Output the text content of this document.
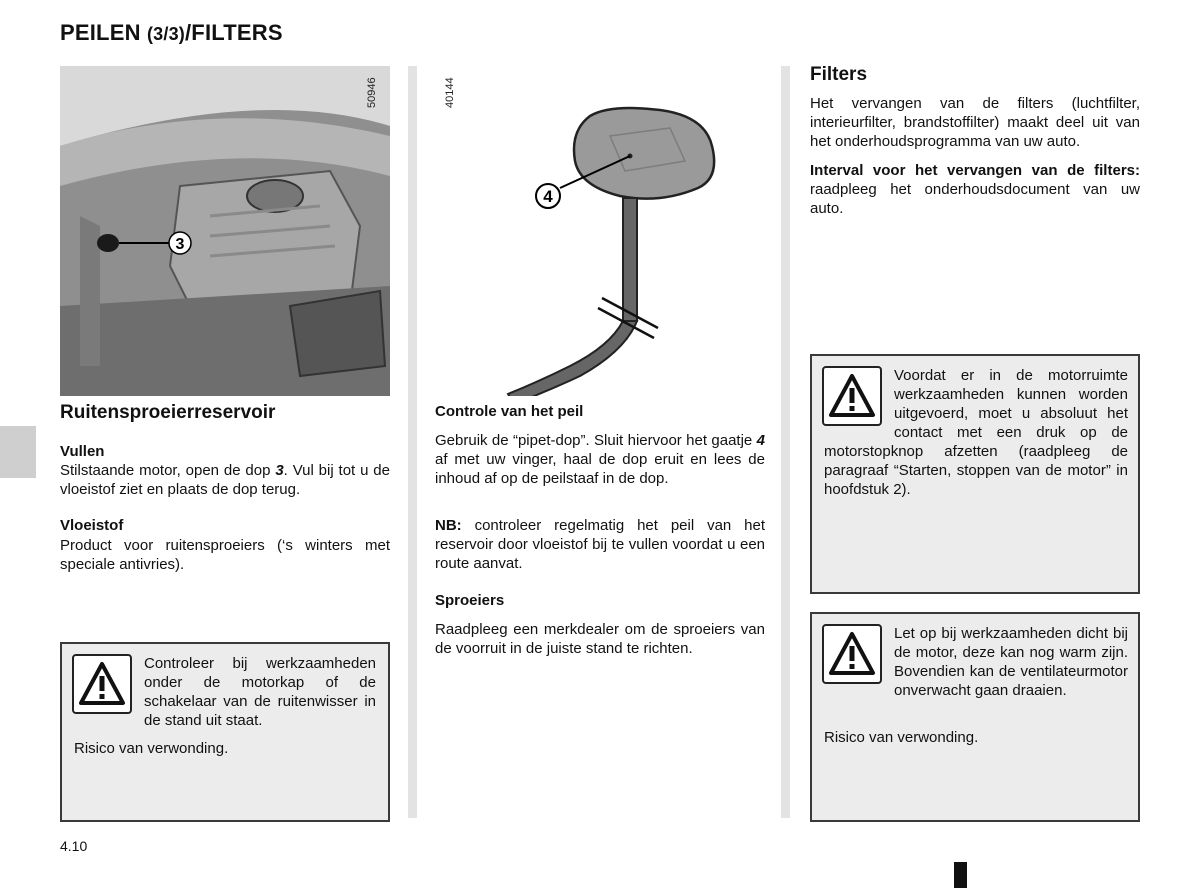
PEILEN (3/3)/FILTERS
3
50946
Ruitensproeierreservoir
Vullen
Stilstaande motor, open de dop 3. Vul bij tot u de vloeistof ziet en plaats de dop terug.
Vloeistof
Product voor ruitensproeiers (‘s winters met speciale antivries).
Controleer bij werkzaamheden onder de motorkap of de schakelaar van de ruitenwisser in de stand uit staat.
Risico van verwonding.
4
40144
Controle van het peil
Gebruik de “pipet-dop”. Sluit hiervoor het gaatje 4 af met uw vinger, haal de dop eruit en lees de inhoud af op de peilstaaf in de dop.
NB: controleer regelmatig het peil van het reservoir door vloeistof bij te vullen voordat u een route aanvat.
Sproeiers
Raadpleeg een merkdealer om de sproeiers van de voorruit in de juiste stand te richten.
Filters
Het vervangen van de filters (luchtfilter, interieurfilter, brandstoffilter) maakt deel uit van het onderhoudsprogramma van uw auto.
Interval voor het vervangen van de filters: raadpleeg het onderhoudsdocument van uw auto.
Voordat er in de motorruimte werkzaamheden kunnen worden uitgevoerd, moet u absoluut het contact met een druk op de motorstopknop afzetten (raadpleeg de paragraaf “Starten, stoppen van de motor” in hoofdstuk 2).
Let op bij werkzaamheden dicht bij de motor, deze kan nog warm zijn. Bovendien kan de ventilateurmotor onverwacht gaan draaien.
Risico van verwonding.
4.10
